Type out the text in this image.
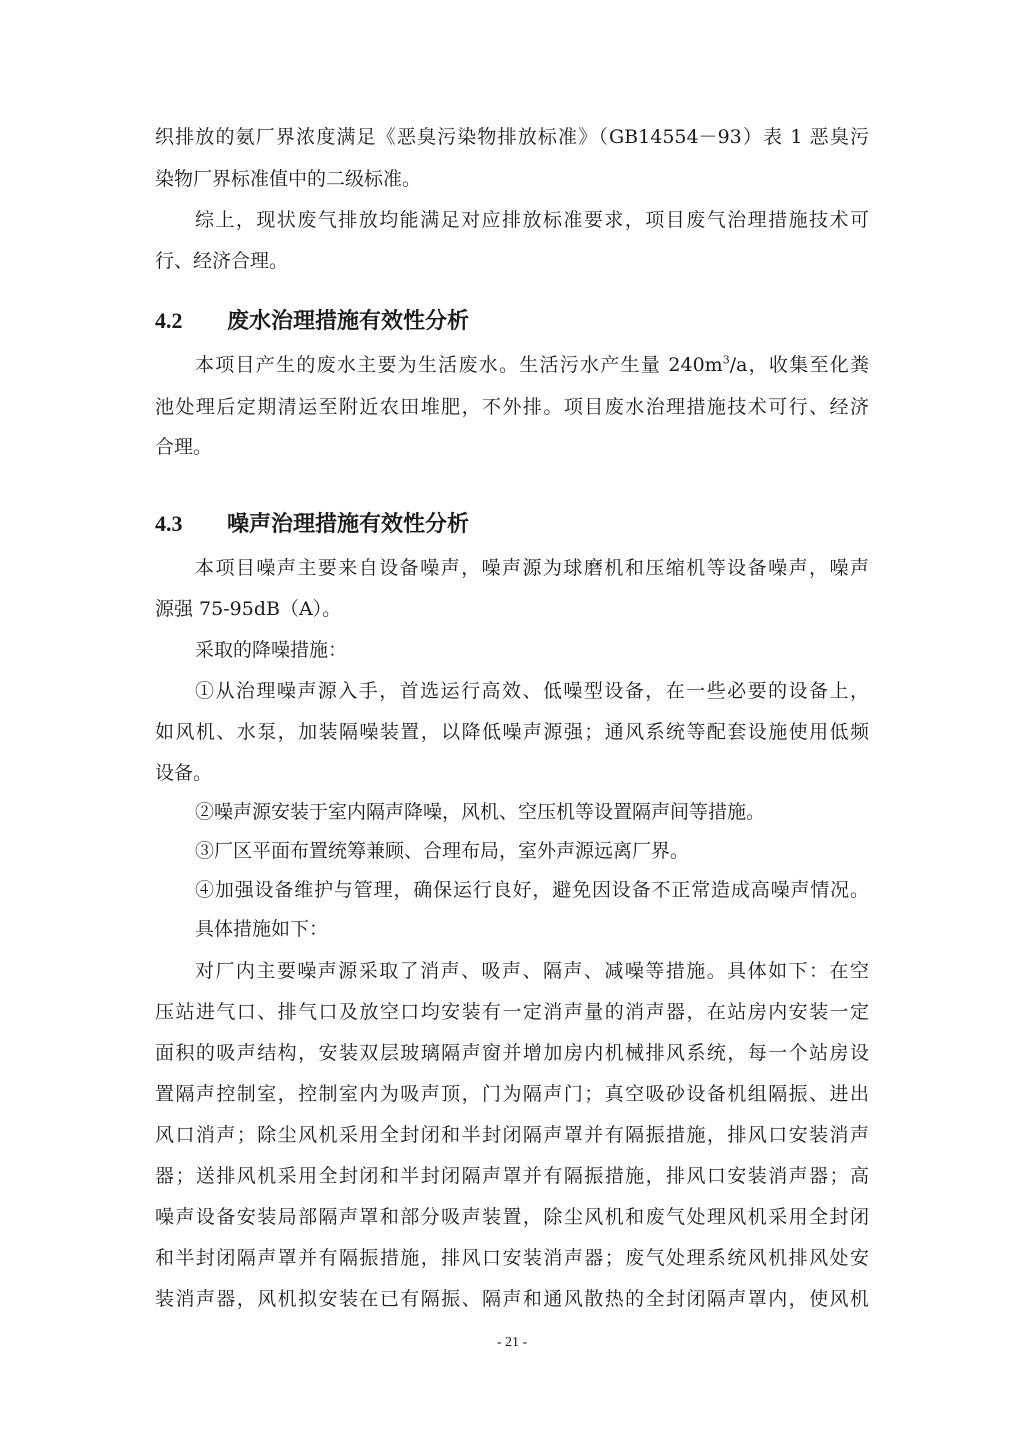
织排放的氨厂界浓度满足《恶臭污染物排放标准》（GB14554－93）表 1 恶臭污
染物厂界标准值中的二级标准。
综上，现状废气排放均能满足对应排放标准要求，项目废气治理措施技术可
行、经济合理。
4.2 废水治理措施有效性分析
本项目产生的废水主要为生活废水。生活污水产生量 $240m^3/a$，收集至化粪
池处理后定期清运至附近农田堆肥，不外排。项目废水治理措施技术可行、经济
合理。
4.3 噪声治理措施有效性分析
本项目噪声主要来自设备噪声，噪声源为球磨机和压缩机等设备噪声，噪声
源强 75-95dB（A）。
采取的降噪措施：
①从治理噪声源入手，首选运行高效、低噪型设备，在一些必要的设备上，
如风机、水泵，加装隔噪装置，以降低噪声源强；通风系统等配套设施使用低频
设备。
②噪声源安装于室内隔声降噪，风机、空压机等设置隔声间等措施。
③厂区平面布置统筹兼顾、合理布局，室外声源远离厂界。
④加强设备维护与管理，确保运行良好，避免因设备不正常造成高噪声情况。
具体措施如下：
对厂内主要噪声源采取了消声、吸声、隔声、减噪等措施。具体如下：在空
压站进气口、排气口及放空口均安装有一定消声量的消声器，在站房内安装一定
面积的吸声结构，安装双层玻璃隔声窗并增加房内机械排风系统，每一个站房设
置隔声控制室，控制室内为吸声顶，门为隔声门；真空吸砂设备机组隔振、进出
风口消声；除尘风机采用全封闭和半封闭隔声罩并有隔振措施，排风口安装消声
器；送排风机采用全封闭和半封闭隔声罩并有隔振措施，排风口安装消声器；高
噪声设备安装局部隔声罩和部分吸声装置，除尘风机和废气处理风机采用全封闭
和半封闭隔声罩并有隔振措施，排风口安装消声器；废气处理系统风机排风处安
装消声器，风机拟安装在已有隔振、隔声和通风散热的全封闭隔声罩内，使风机
- 21 -
